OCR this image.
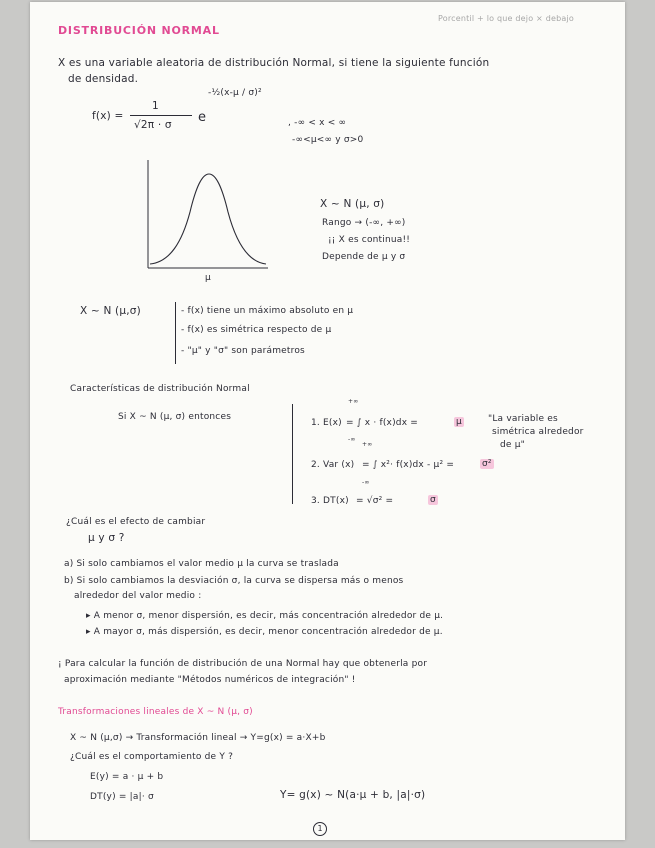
DISTRIBUCIÓN NORMAL
Porcentil + lo que dejo × debajo
X es una variable aleatoria de distribución Normal, si tiene la siguiente función
de densidad.
f(x) =
1
√2π · σ e
-½(x-μ / σ)²
, -∞ < x < ∞
-∞<μ<∞ y σ>0
μ
X ~ N (μ, σ)
Rango → (-∞, +∞)
¡¡ X es continua!!
Depende de μ y σ
X ~ N (μ,σ)	- f(x) tiene un máximo absoluto en μ
- f(x) es simétrica respecto de μ
- "μ" y "σ" son parámetros
Características de distribución Normal
Si X ~ N (μ, σ) entonces
1. E(x)
+∞
-∞
= ∫ x · f(x)dx =	μ	"La variable es
simétrica alrededor
de μ"
2. Var (x)
+∞
-∞
= ∫ x²· f(x)dx - μ² =	σ²
3. DT(x) = √σ² =	σ
¿Cuál es el efecto de cambiar
μ y σ ?
a) Si solo cambiamos el valor medio μ la curva se traslada
b) Si solo cambiamos la desviación σ, la curva se dispersa más o menos
alrededor del valor medio :
▸ A menor σ, menor dispersión, es decir, más concentración alrededor de μ.
▸ A mayor σ, más dispersión, es decir, menor concentración alrededor de μ.
¡ Para calcular la función de distribución de una Normal hay que obtenerla por
aproximación mediante "Métodos numéricos de integración" !
Transformaciones lineales de X ~ N (μ, σ)
X ~ N (μ,σ) → Transformación lineal → Y=g(x) = a·X+b
¿Cuál es el comportamiento de Y ?
E(y) = a · μ + b
DT(y) = |a|· σ	Y= g(x) ~ N(a·μ + b, |a|·σ)
1
